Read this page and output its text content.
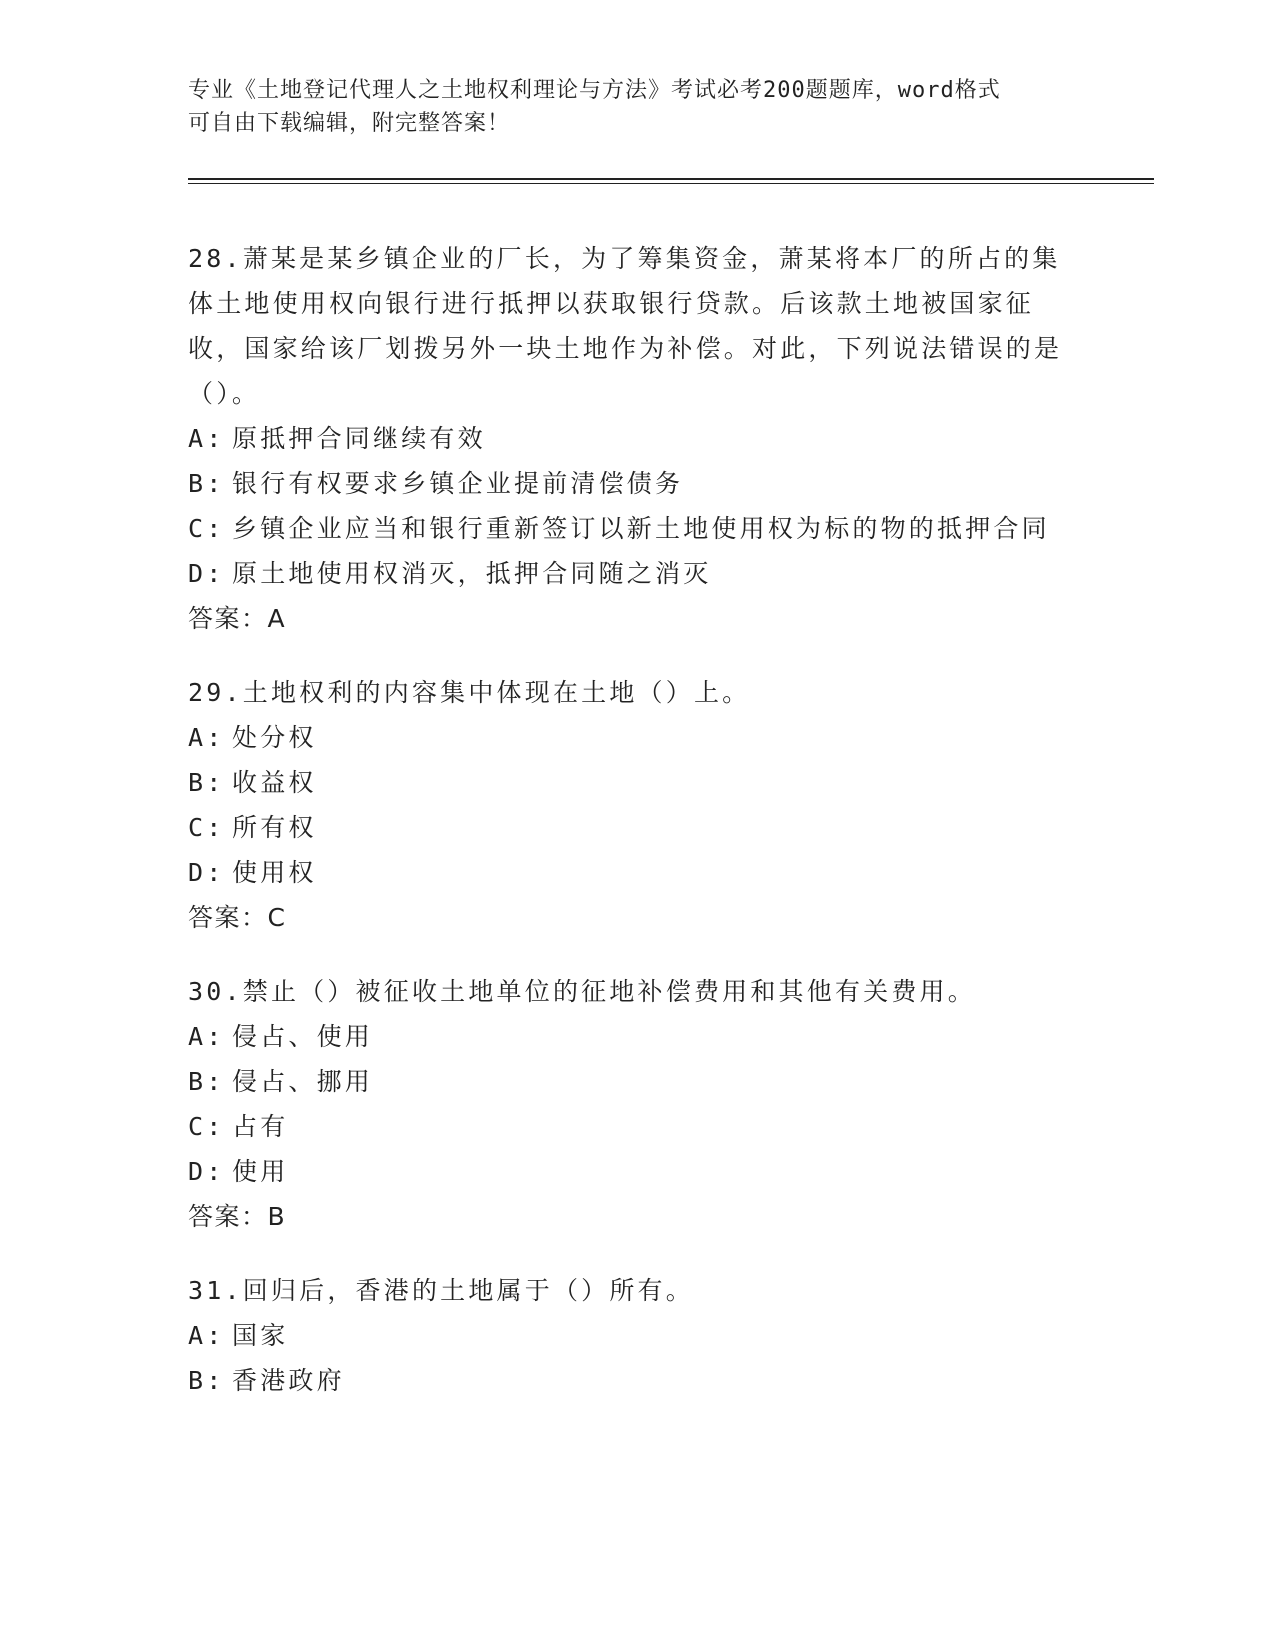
专业《土地登记代理人之土地权利理论与方法》考试必考200题题库，word格式
可自由下载编辑，附完整答案！

28.萧某是某乡镇企业的厂长，为了筹集资金，萧某将本厂的所占的集体土地使用权向银行进行抵押以获取银行贷款。后该款土地被国家征收，国家给该厂划拨另外一块土地作为补偿。对此，下列说法错误的是（）。

A: 原抵押合同继续有效
B: 银行有权要求乡镇企业提前清偿债务
C: 乡镇企业应当和银行重新签订以新土地使用权为标的物的抵押合同
D: 原土地使用权消灭，抵押合同随之消灭
答案：A

29.土地权利的内容集中体现在土地（）上。

A: 处分权
B: 收益权
C: 所有权
D: 使用权
答案：C

30.禁止（）被征收土地单位的征地补偿费用和其他有关费用。

A: 侵占、使用
B: 侵占、挪用
C: 占有
D: 使用
答案：B

31.回归后，香港的土地属于（）所有。

A: 国家
B: 香港政府
